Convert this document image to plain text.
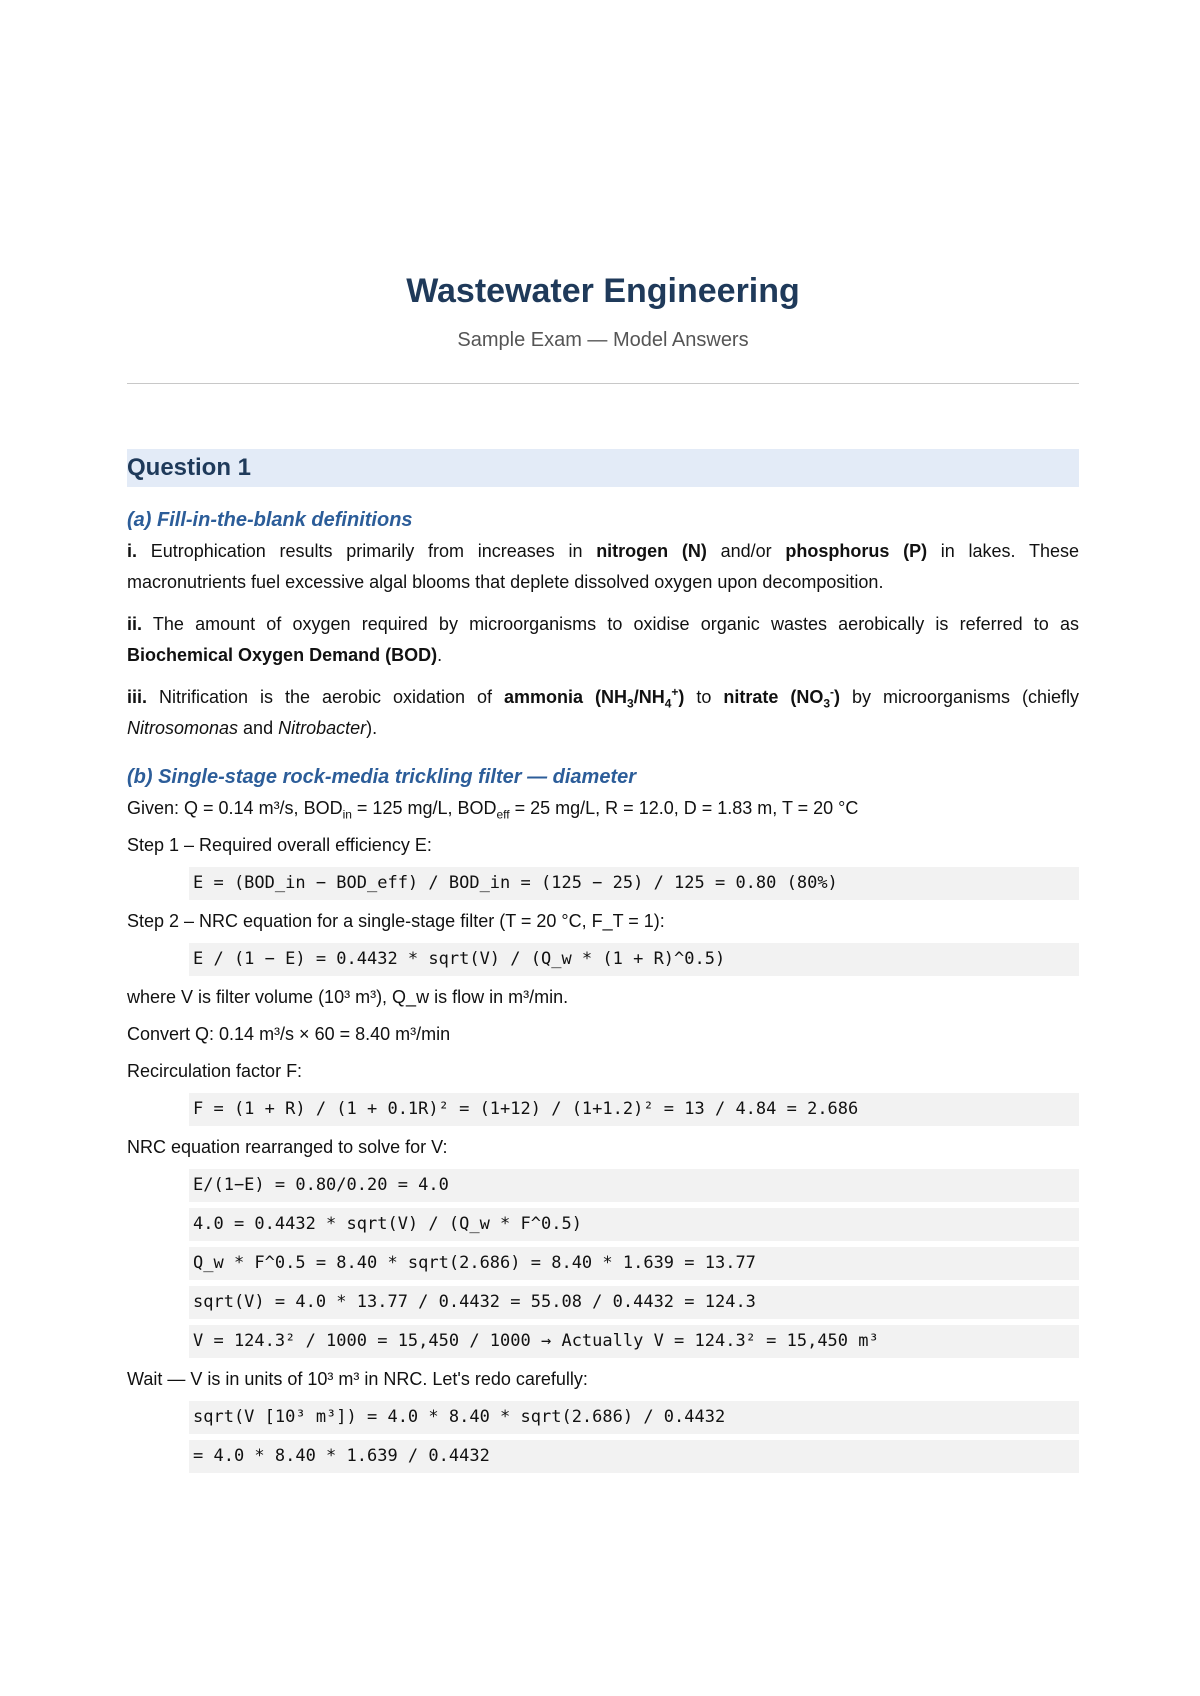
Wastewater Engineering
Sample Exam — Model Answers
Question 1
(a) Fill-in-the-blank definitions

i. Eutrophication results primarily from increases in nitrogen (N) and/or phosphorus (P) in lakes. These macronutrients fuel excessive algal blooms that deplete dissolved oxygen upon decomposition.

ii. The amount of oxygen required by microorganisms to oxidise organic wastes aerobically is referred to as Biochemical Oxygen Demand (BOD).

iii. Nitrification is the aerobic oxidation of ammonia $(NH_3/NH_4^+)$ to nitrate $(NO_3^-)$ by microorganisms (chiefly Nitrosomonas and Nitrobacter).

(b) Single-stage rock-media trickling filter — diameter

Given: Q = 0.14 m³/s, $BOD_{in} = 125$ mg/L, $BOD_{eff} = 25$ mg/L, R = 12.0, D = 1.83 m, T = 20 °C

Step 1 – Required overall efficiency E:

E = (BOD_in − BOD_eff) / BOD_in = (125 − 25) / 125 = 0.80 (80%)

Step 2 – NRC equation for a single-stage filter (T = 20 °C, F_T = 1):

E / (1 − E) = 0.4432 * sqrt(V) / (Q_w * (1 + R)^0.5)

where V is filter volume (10³ m³), Q_w is flow in m³/min.

Convert Q: 0.14 m³/s × 60 = 8.40 m³/min

Recirculation factor F:

F = (1 + R) / (1 + 0.1R)² = (1+12) / (1+1.2)² = 13 / 4.84 = 2.686

NRC equation rearranged to solve for V:

E/(1−E) = 0.80/0.20 = 4.0
4.0 = 0.4432 * sqrt(V) / (Q_w * F^0.5)
Q_w * F^0.5 = 8.40 * sqrt(2.686) = 8.40 * 1.639 = 13.77
sqrt(V) = 4.0 * 13.77 / 0.4432 = 55.08 / 0.4432 = 124.3
V = 124.3² / 1000 = 15,450 / 1000 → Actually V = 124.3² = 15,450 m³

Wait — V is in units of 10³ m³ in NRC. Let's redo carefully:

sqrt(V [10³ m³]) = 4.0 * 8.40 * sqrt(2.686) / 0.4432
= 4.0 * 8.40 * 1.639 / 0.4432
